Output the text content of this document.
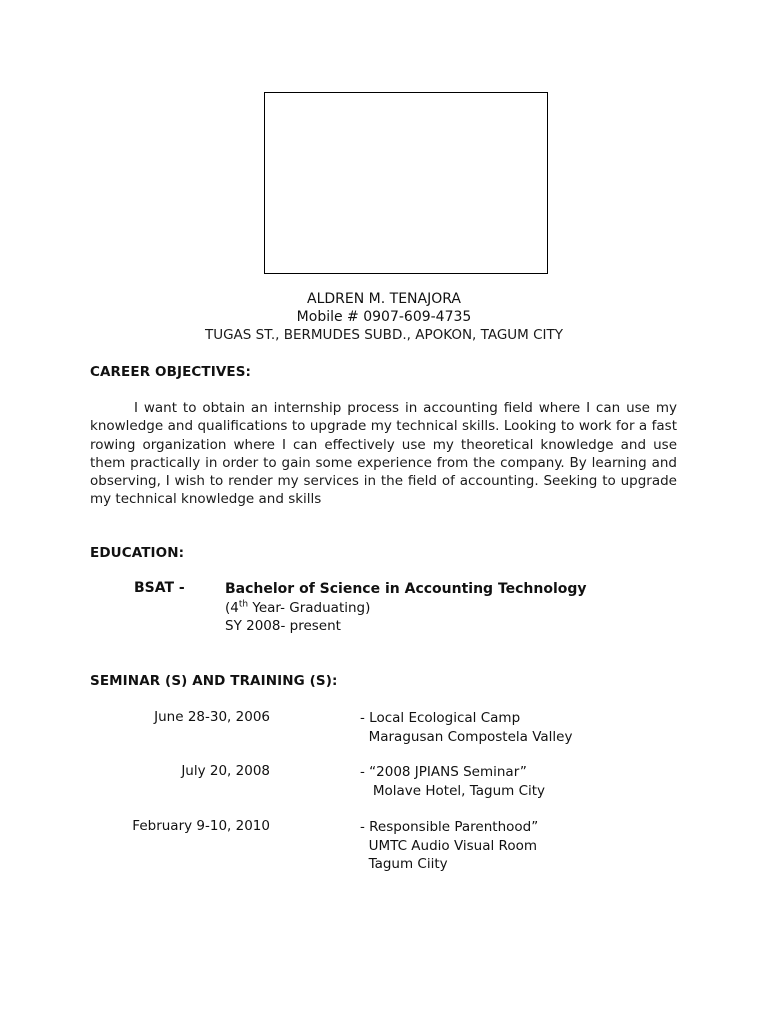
ALDREN M. TENAJORA
Mobile # 0907-609-4735
TUGAS ST., BERMUDES SUBD., APOKON, TAGUM CITY
CAREER OBJECTIVES:
I want to obtain an internship process in accounting field where I can use my knowledge and qualifications to upgrade my technical skills. Looking to work for a fast rowing organization where I can effectively use my theoretical knowledge and use them practically in order to gain some experience from the company. By learning and observing, I wish to render my services in the field of accounting. Seeking to upgrade my technical knowledge and skills
EDUCATION:
BSAT -	Bachelor of Science in Accounting Technology
(4th Year- Graduating)
SY 2008- present
SEMINAR (S) AND TRAINING (S):
June 28-30, 2006	- Local Ecological Camp
Maragusan Compostela Valley
July 20, 2008	- “2008 JPIANS Seminar”
Molave Hotel, Tagum City
February 9-10, 2010	- Responsible Parenthood”
UMTC Audio Visual Room
Tagum Ciity
